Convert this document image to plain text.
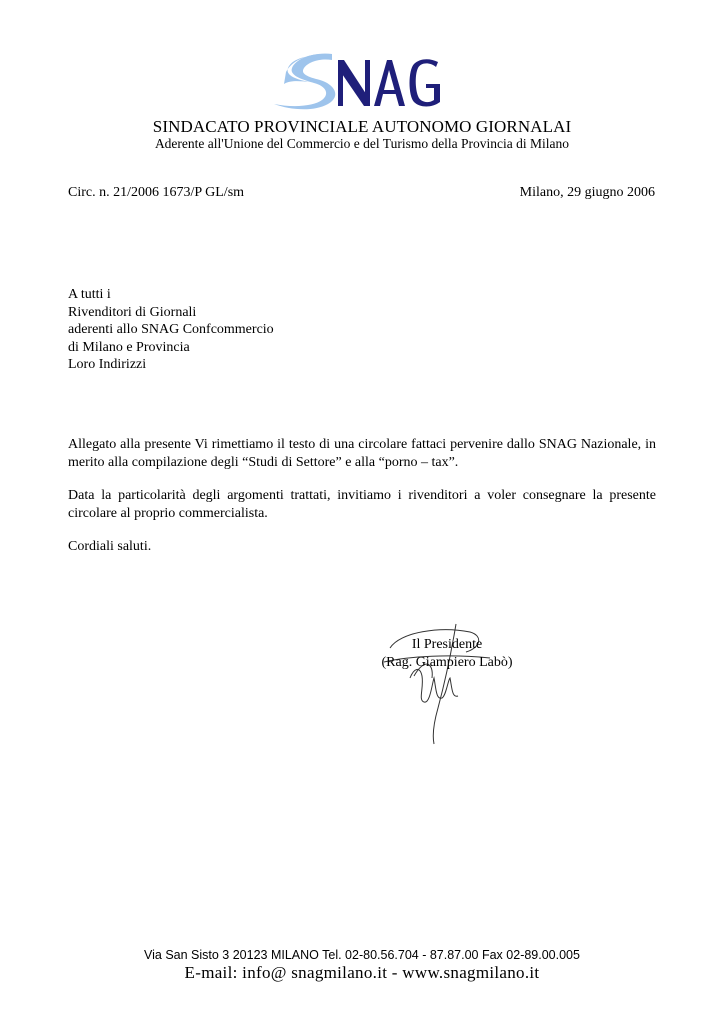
SINDACATO PROVINCIALE AUTONOMO GIORNALAI
Aderente all'Unione del Commercio e del Turismo della Provincia di Milano
Circ. n. 21/2006 1673/P GL/sm	Milano, 29 giugno 2006
A tutti i
Rivenditori di Giornali
aderenti allo SNAG Confcommercio
di Milano e Provincia
Loro Indirizzi
Allegato alla presente Vi rimettiamo il testo di una circolare fattaci pervenire dallo SNAG Nazionale, in merito alla compilazione degli “Studi di Settore” e alla “porno – tax”.
Data la particolarità degli argomenti trattati, invitiamo i rivenditori a voler consegnare la presente circolare al proprio commercialista.
Cordiali saluti.
Il Presidente
(Rag. Giampiero Labò)
Via San Sisto 3 20123 MILANO Tel. 02-80.56.704 - 87.87.00 Fax 02-89.00.005
E-mail: info@ snagmilano.it - www.snagmilano.it
